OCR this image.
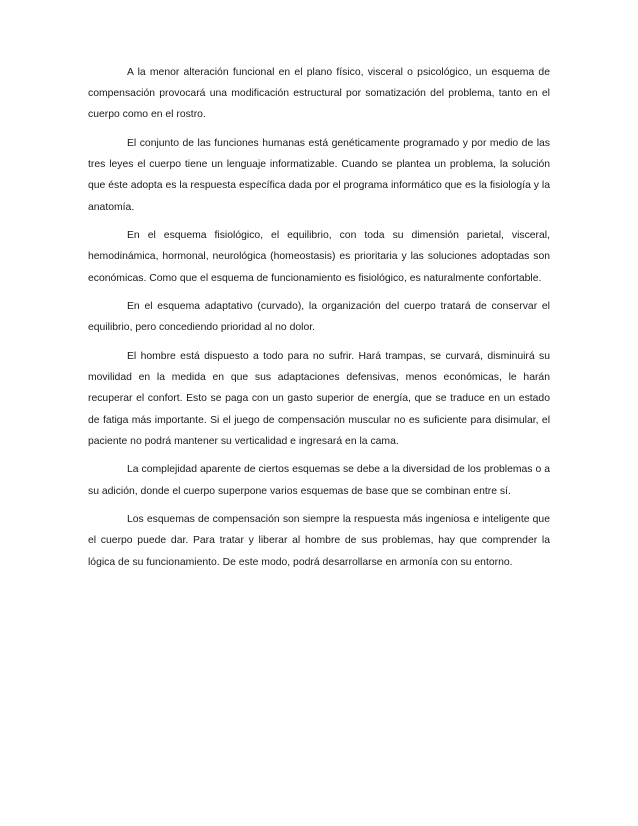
A la menor alteración funcional en el plano físico, visceral o psicológico, un esquema de compensación provocará una modificación estructural por somatización del problema, tanto en el cuerpo como en el rostro.

El conjunto de las funciones humanas está genéticamente programado y por medio de las tres leyes el cuerpo tiene un lenguaje informatizable. Cuando se plantea un problema, la solución que éste adopta es la respuesta específica dada por el programa informático que es la fisiología y la anatomía.

En el esquema fisiológico, el equilibrio, con toda su dimensión parietal, visceral, hemodinámica, hormonal, neurológica (homeostasis) es prioritaria y las soluciones adoptadas son económicas. Como que el esquema de funcionamiento es fisiológico, es naturalmente confortable.

En el esquema adaptativo (curvado), la organización del cuerpo tratará de conservar el equilibrio, pero concediendo prioridad al no dolor.

El hombre está dispuesto a todo para no sufrir. Hará trampas, se curvará, disminuirá su movilidad en la medida en que sus adaptaciones defensivas, menos económicas, le harán recuperar el confort. Esto se paga con un gasto superior de energía, que se traduce en un estado de fatiga más importante. Si el juego de compensación muscular no es suficiente para disimular, el paciente no podrá mantener su verticalidad e ingresará en la cama.

La complejidad aparente de ciertos esquemas se debe a la diversidad de los problemas o a su adición, donde el cuerpo superpone varios esquemas de base que se combinan entre sí.

Los esquemas de compensación son siempre la respuesta más ingeniosa e inteligente que el cuerpo puede dar. Para tratar y liberar al hombre de sus problemas, hay que comprender la lógica de su funcionamiento. De este modo, podrá desarrollarse en armonía con su entorno.
